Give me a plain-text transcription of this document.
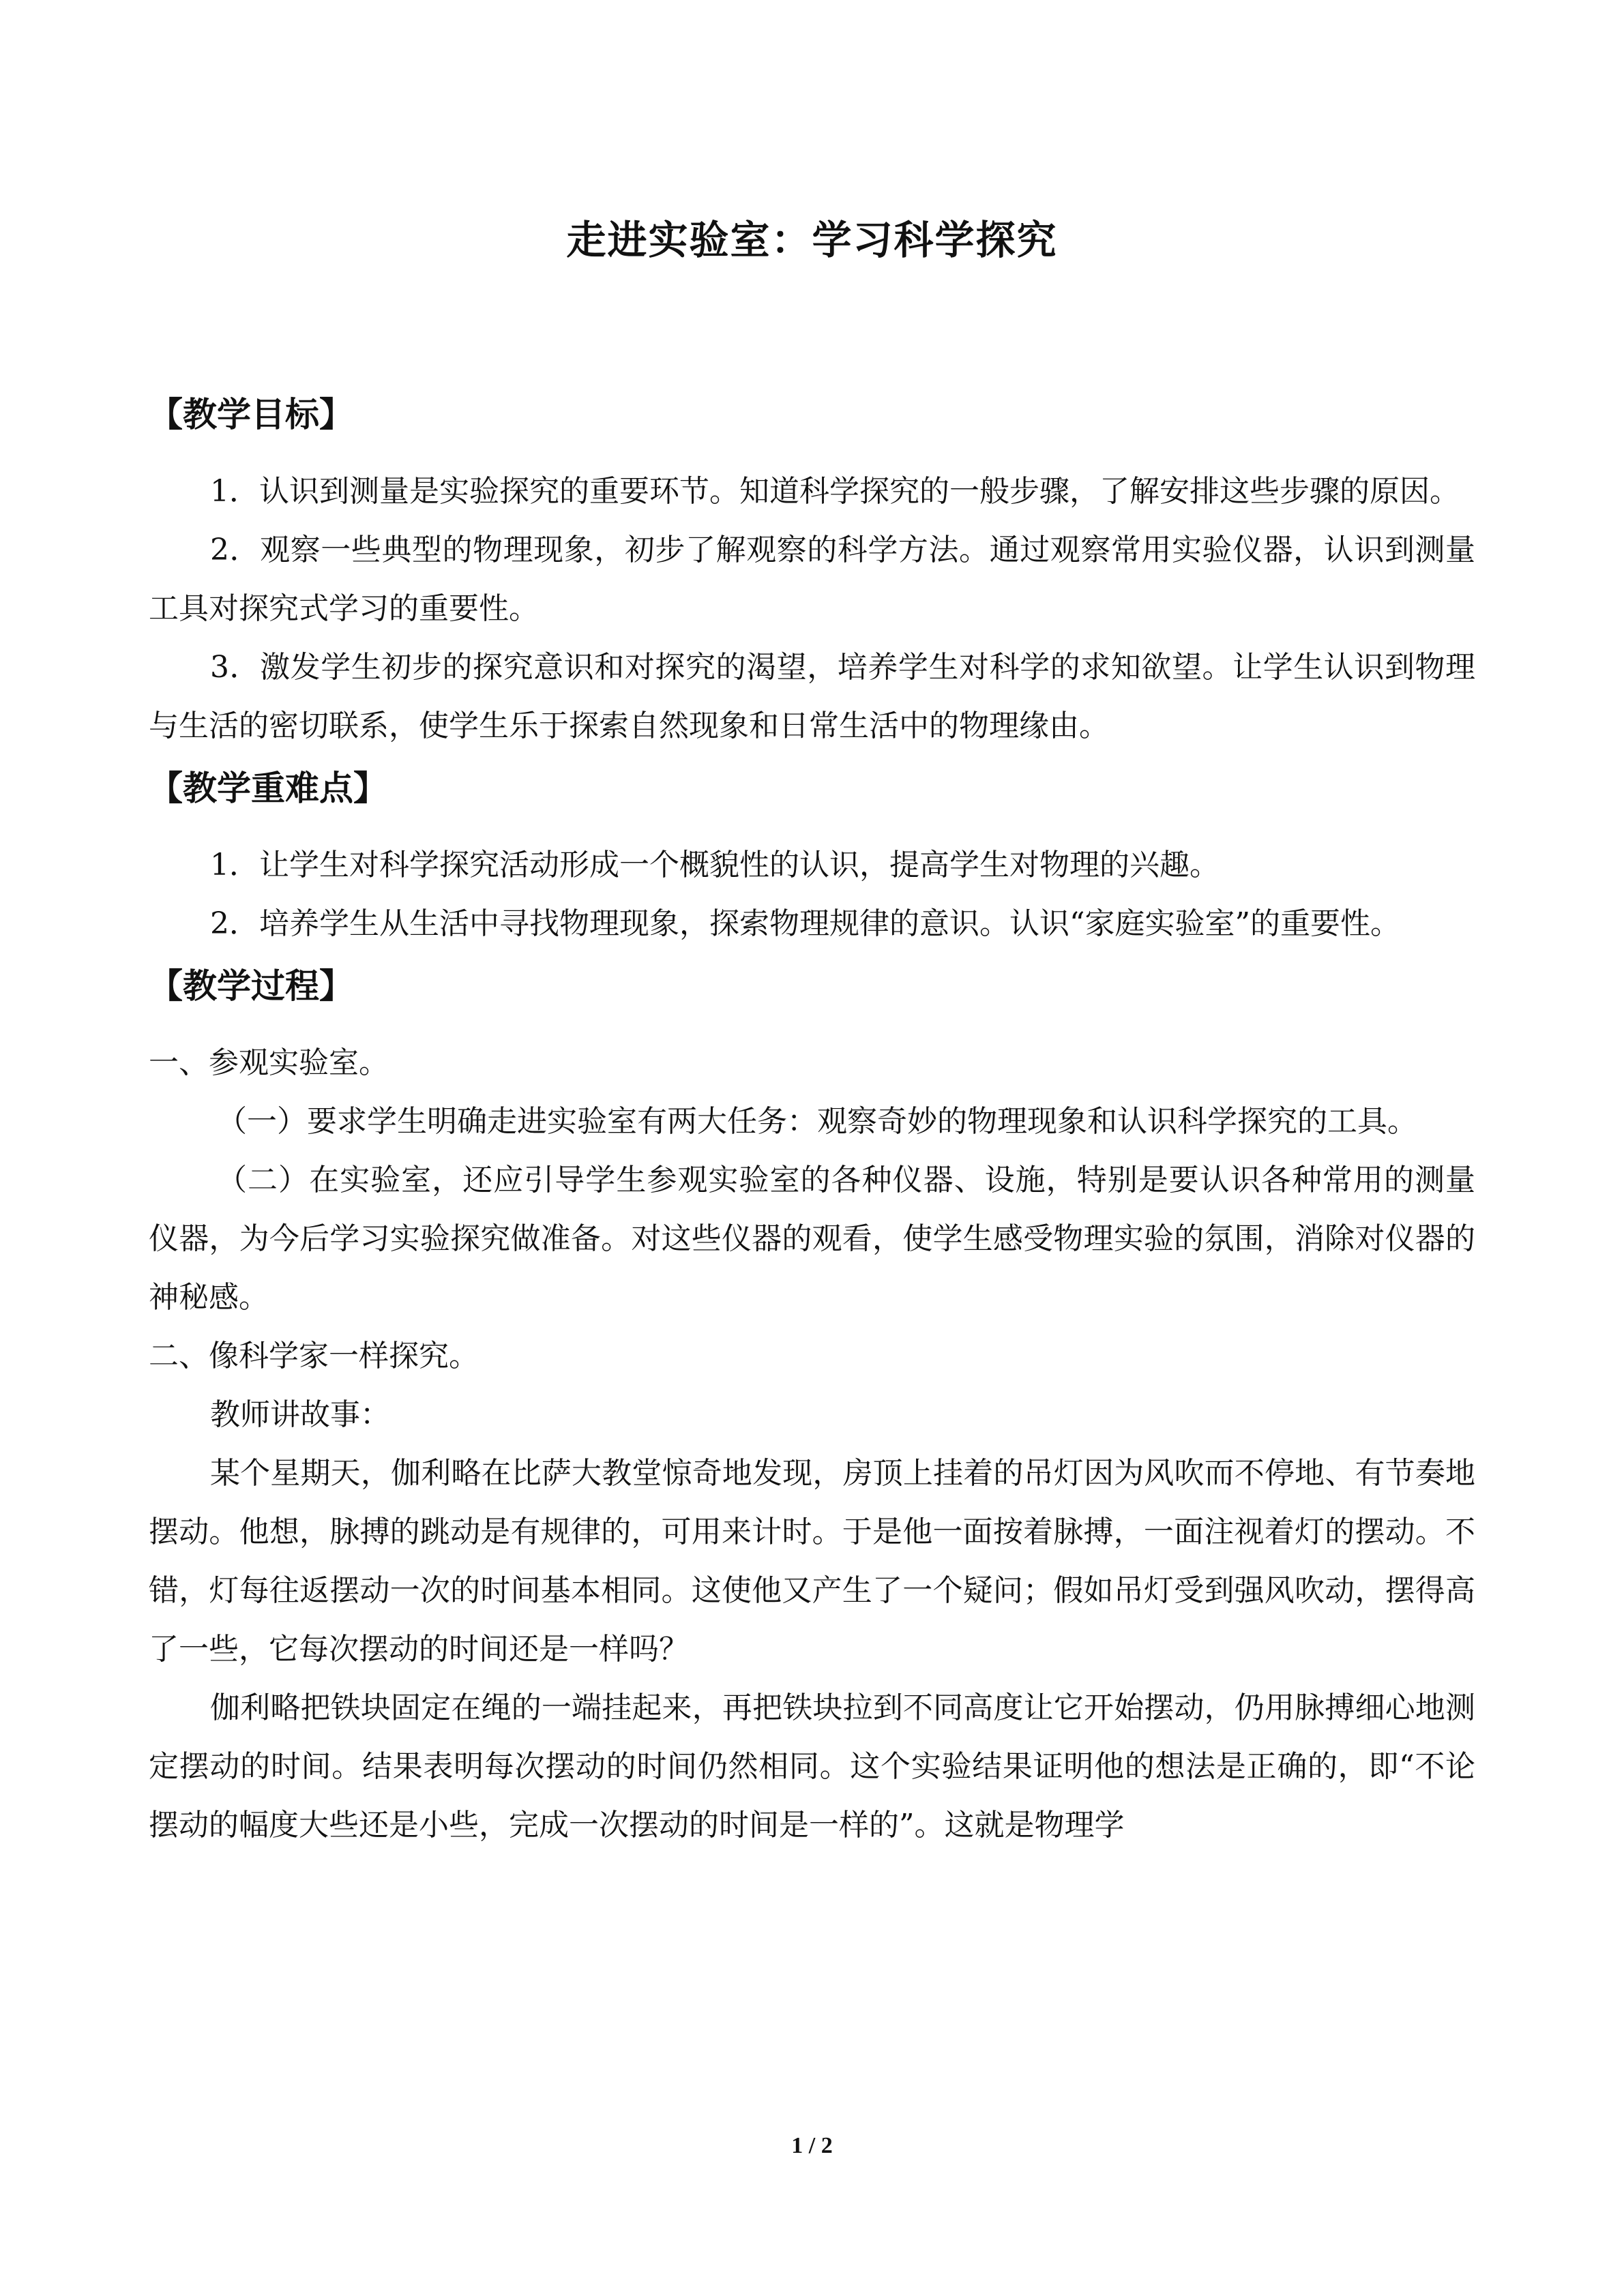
走进实验室：学习科学探究
【教学目标】

1．认识到测量是实验探究的重要环节。知道科学探究的一般步骤，了解安排这些步骤的原因。

2．观察一些典型的物理现象，初步了解观察的科学方法。通过观察常用实验仪器，认识到测量工具对探究式学习的重要性。

3．激发学生初步的探究意识和对探究的渴望，培养学生对科学的求知欲望。让学生认识到物理与生活的密切联系，使学生乐于探索自然现象和日常生活中的物理缘由。

【教学重难点】

1．让学生对科学探究活动形成一个概貌性的认识，提高学生对物理的兴趣。

2．培养学生从生活中寻找物理现象，探索物理规律的意识。认识“家庭实验室”的重要性。

【教学过程】

一、参观实验室。

（一）要求学生明确走进实验室有两大任务：观察奇妙的物理现象和认识科学探究的工具。

（二）在实验室，还应引导学生参观实验室的各种仪器、设施，特别是要认识各种常用的测量仪器，为今后学习实验探究做准备。对这些仪器的观看，使学生感受物理实验的氛围，消除对仪器的神秘感。

二、像科学家一样探究。

教师讲故事：

某个星期天，伽利略在比萨大教堂惊奇地发现，房顶上挂着的吊灯因为风吹而不停地、有节奏地摆动。他想，脉搏的跳动是有规律的，可用来计时。于是他一面按着脉搏，一面注视着灯的摆动。不错，灯每往返摆动一次的时间基本相同。这使他又产生了一个疑问；假如吊灯受到强风吹动，摆得高了一些，它每次摆动的时间还是一样吗？

伽利略把铁块固定在绳的一端挂起来，再把铁块拉到不同高度让它开始摆动，仍用脉搏细心地测定摆动的时间。结果表明每次摆动的时间仍然相同。这个实验结果证明他的想法是正确的，即“不论摆动的幅度大些还是小些，完成一次摆动的时间是一样的”。这就是物理学

1 / 2
